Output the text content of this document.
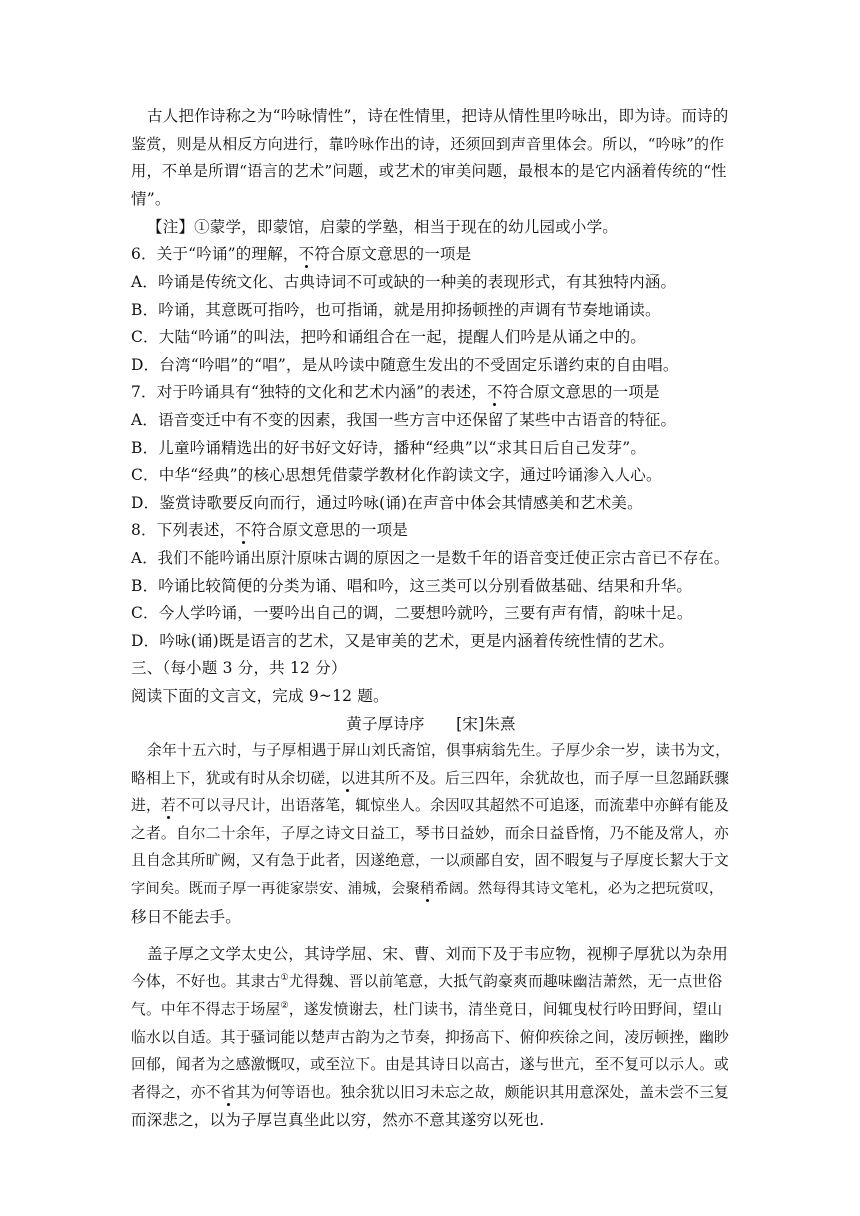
古人把作诗称之为“吟咏情性”，诗在性情里，把诗从情性里吟咏出，即为诗。而诗的
鉴赏，则是从相反方向进行，靠吟咏作出的诗，还须回到声音里体会。所以，“吟咏”的作
用，不单是所谓“语言的艺术”问题，或艺术的审美问题，最根本的是它内涵着传统的“性
情”。
【注】①蒙学，即蒙馆，启蒙的学塾，相当于现在的幼儿园或小学。
6．关于“吟诵”的理解，不符合原文意思的一项是
A．吟诵是传统文化、古典诗词不可或缺的一种美的表现形式，有其独特内涵。
B．吟诵，其意既可指吟，也可指诵，就是用抑扬顿挫的声调有节奏地诵读。
C．大陆“吟诵”的叫法，把吟和诵组合在一起，提醒人们吟是从诵之中的。
D．台湾“吟唱”的“唱”，是从吟读中随意生发出的不受固定乐谱约束的自由唱。
7．对于吟诵具有“独特的文化和艺术内涵”的表述，不符合原文意思的一项是
A．语音变迁中有不变的因素，我国一些方言中还保留了某些中古语音的特征。
B．儿童吟诵精选出的好书好文好诗，播种“经典”以“求其日后自己发芽”。
C．中华“经典”的核心思想凭借蒙学教材化作韵读文字，通过吟诵渗入人心。
D．鉴赏诗歌要反向而行，通过吟咏(诵)在声音中体会其情感美和艺术美。
8．下列表述，不符合原文意思的一项是
A．我们不能吟诵出原汁原味古调的原因之一是数千年的语音变迁使正宗古音已不存在。
B．吟诵比较简便的分类为诵、唱和吟，这三类可以分别看做基础、结果和升华。
C．今人学吟诵，一要吟出自己的调，二要想吟就吟，三要有声有情，韵味十足。
D．吟咏(诵)既是语言的艺术，又是审美的艺术，更是内涵着传统性情的艺术。
三、（每小题 3 分，共 12 分）
阅读下面的文言文，完成 9~12 题。
黄子厚诗序　　[宋]朱熹
余年十五六时，与子厚相遇于屏山刘氏斋馆，俱事病翁先生。子厚少余一岁，读书为文，
略相上下，犹或有时从余切磋，以进其所不及。后三四年，余犹故也，而子厚一旦忽踊跃骤
进，若不可以寻尺计，出语落笔，辄惊坐人。余因叹其超然不可追逐，而流辈中亦鲜有能及
之者。自尔二十余年，子厚之诗文日益工，琴书日益妙，而余日益昏惰，乃不能及常人，亦
且自念其所旷阙，又有急于此者，因遂绝意，一以顽鄙自安，固不暇复与子厚度长絜大于文
字间矣。既而子厚一再徙家崇安、浦城，会聚稍希阔。然每得其诗文笔札，必为之把玩赏叹，
移日不能去手。
盖子厚之文学太史公，其诗学屈、宋、曹、刘而下及于韦应物，视柳子厚犹以为杂用
今体，不好也。其隶古①尤得魏、晋以前笔意，大抵气韵豪爽而趣味幽洁萧然，无一点世俗
气。中年不得志于场屋②，遂发愤谢去，杜门读书，清坐竟日，间辄曳杖行吟田野间，望山
临水以自适。其于骚词能以楚声古韵为之节奏，抑扬高下、俯仰疾徐之间，凌厉顿挫，幽眇
回郁，闻者为之感激慨叹，或至泣下。由是其诗日以高古，遂与世亢，至不复可以示人。或
者得之，亦不省其为何等语也。独余犹以旧习未忘之故，颇能识其用意深处，盖未尝不三复
而深悲之，以为子厚岂真坐此以穷，然亦不意其遂穷以死也.
